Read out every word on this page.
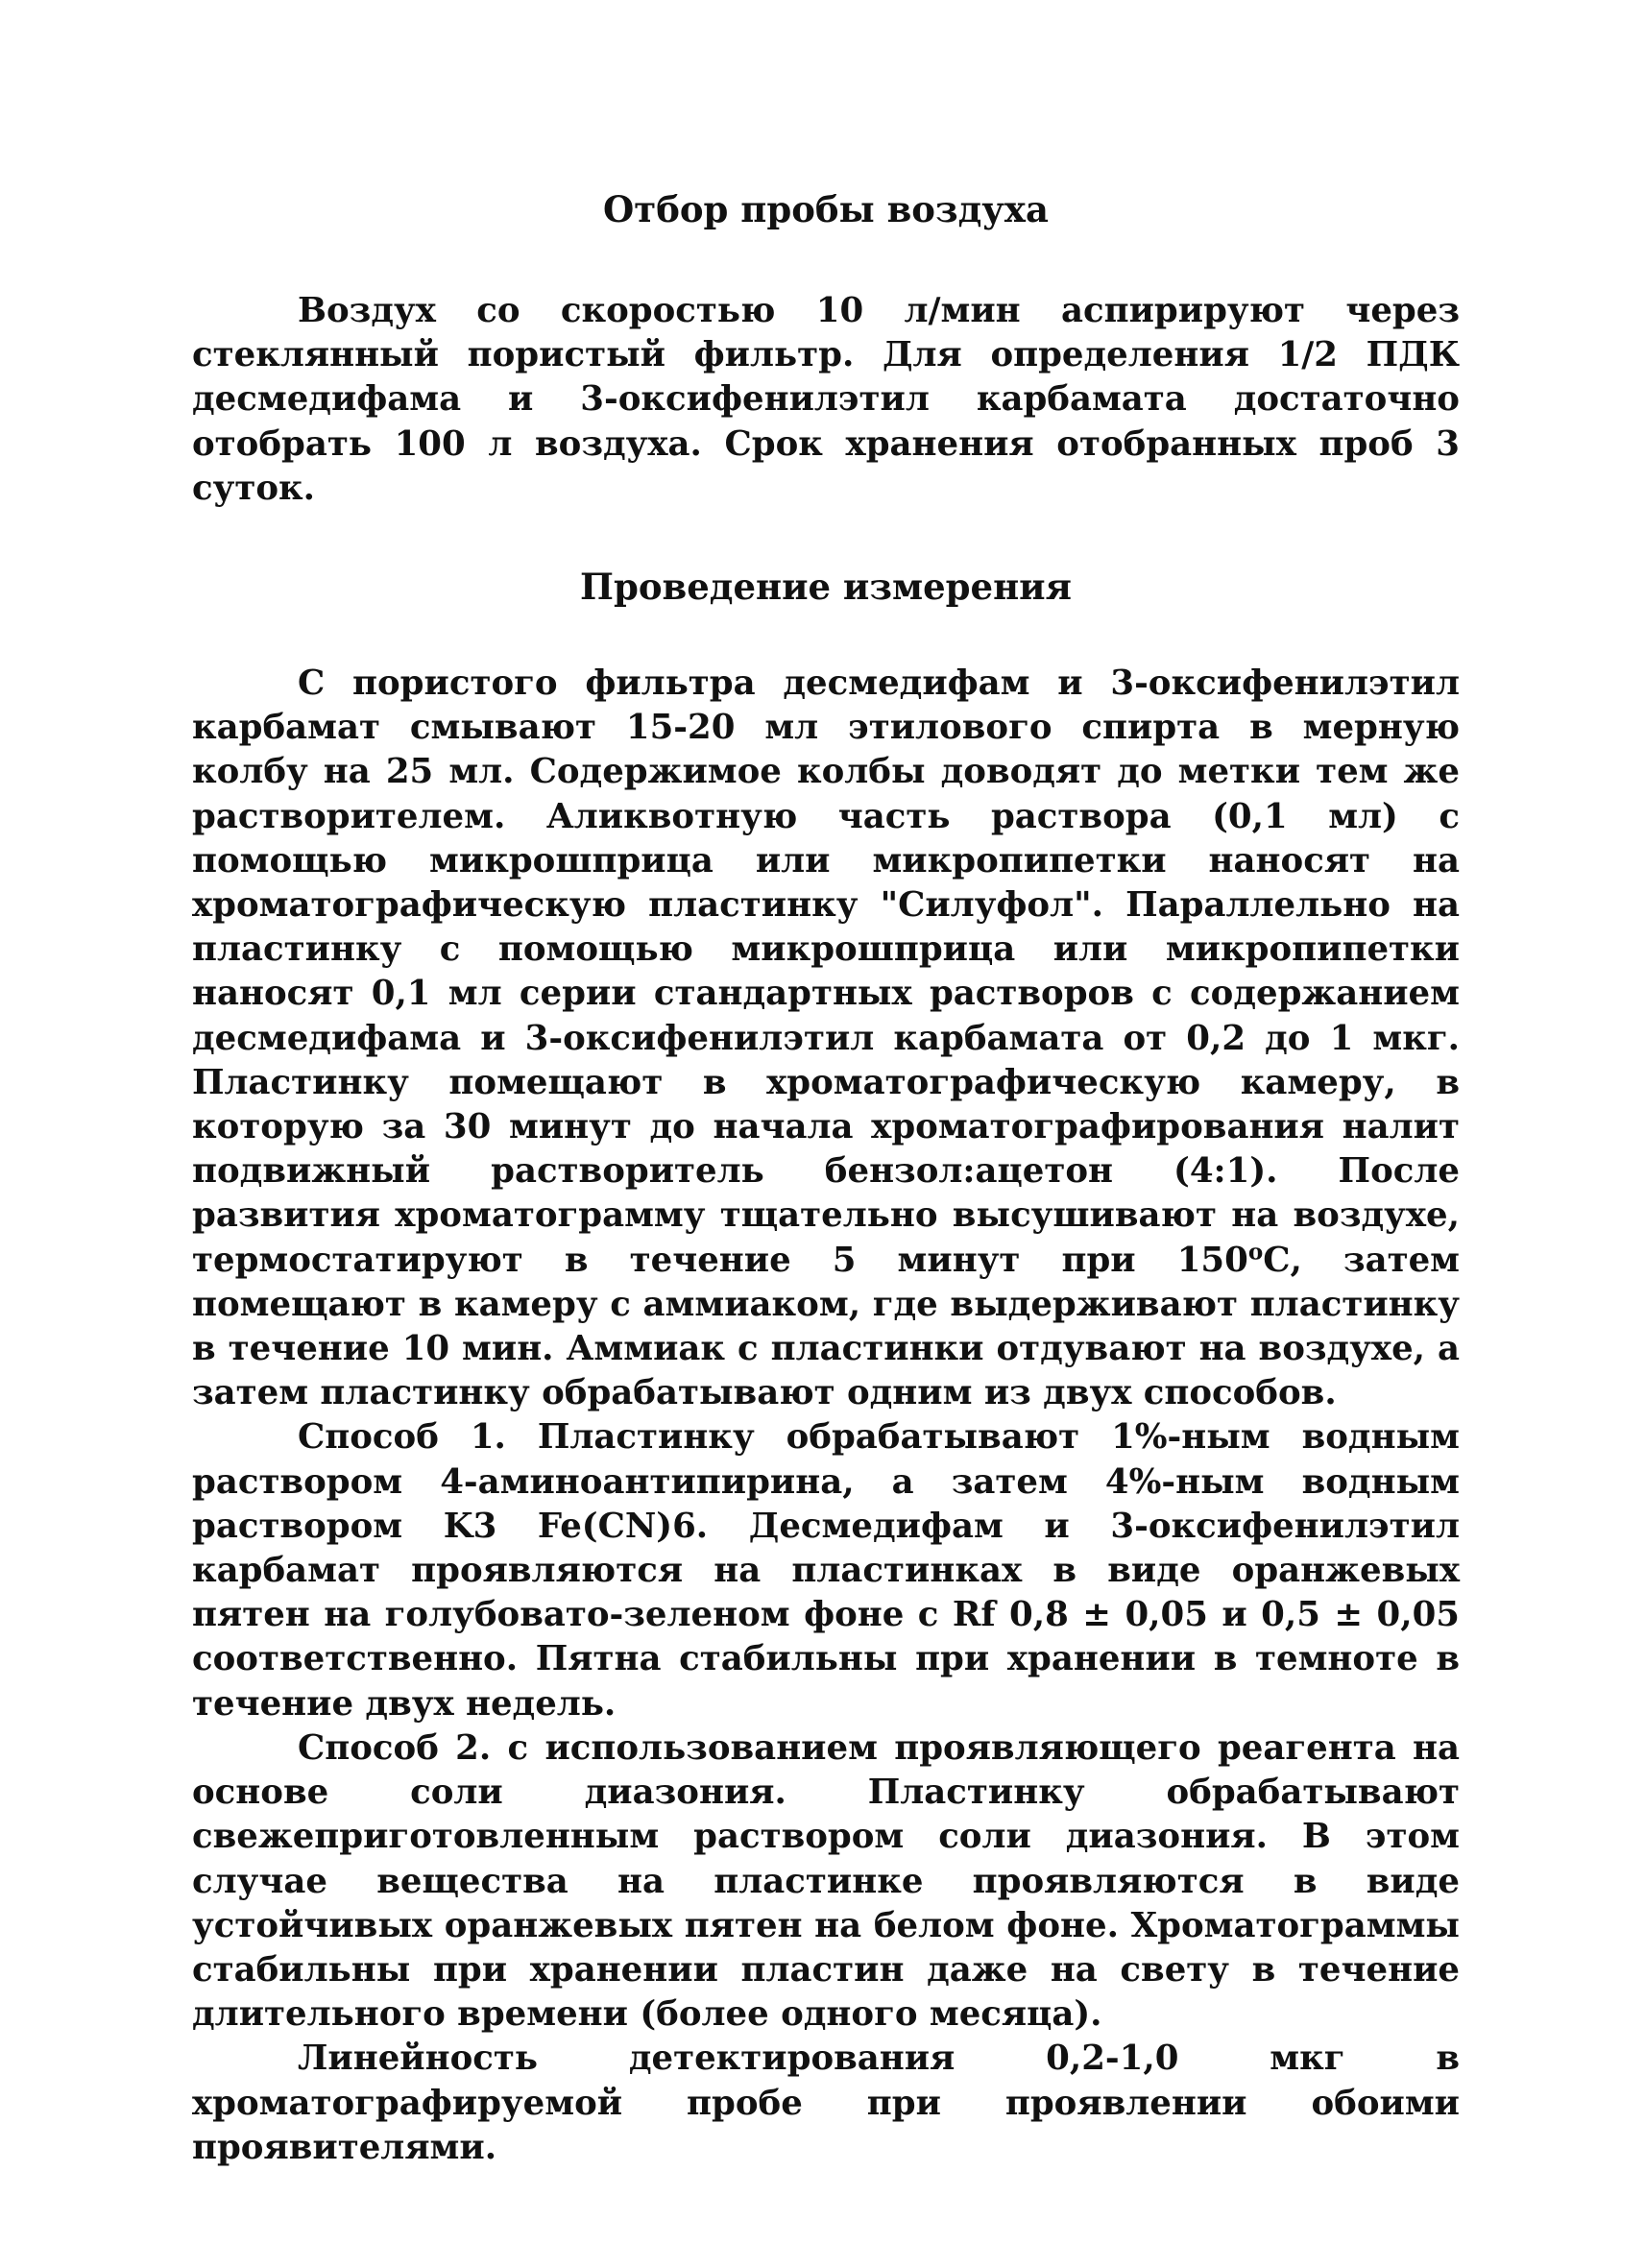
Отбор пробы воздуха

Воздух со скоростью 10 л/мин аспирируют через стеклянный пористый фильтр. Для определения 1/2 ПДК десмедифама и 3-оксифенилэтил карбамата достаточно отобрать 100 л воздуха. Срок хранения отобранных проб 3 суток.

Проведение измерения

С пористого фильтра десмедифам и 3-оксифенилэтил карбамат смывают 15-20 мл этилового спирта в мерную колбу на 25 мл. Содержимое колбы доводят до метки тем же растворителем. Аликвотную часть раствора (0,1 мл) с помощью микрошприца или микропипетки наносят на хроматографическую пластинку "Силуфол". Параллельно на пластинку с помощью микрошприца или микропипетки наносят 0,1 мл серии стандартных растворов с содержанием десмедифама и 3-оксифенилэтил карбамата от 0,2 до 1 мкг. Пластинку помещают в хроматографическую камеру, в которую за 30 минут до начала хроматографирования налит подвижный растворитель бензол:ацетон (4:1). После развития хроматограмму тщательно высушивают на воздухе, термостатируют в течение 5 минут при $150^оС$, затем помещают в камеру с аммиаком, где выдерживают пластинку в течение 10 мин. Аммиак с пластинки отдувают на воздухе, а затем пластинку обрабатывают одним из двух способов.

Способ 1. Пластинку обрабатывают 1%-ным водным раствором 4-аминоантипирина, а затем 4%-ным водным раствором K3 Fe(CN)6. Десмедифам и 3-оксифенилэтил карбамат проявляются на пластинках в виде оранжевых пятен на голубовато-зеленом фоне с Rf 0,8 ± 0,05 и 0,5 ± 0,05 соответственно. Пятна стабильны при хранении в темноте в течение двух недель.

Способ 2. с использованием проявляющего реагента на основе соли диазония. Пластинку обрабатывают свежеприготовленным раствором соли диазония. В этом случае вещества на пластинке проявляются в виде устойчивых оранжевых пятен на белом фоне. Хроматограммы стабильны при хранении пластин даже на свету в течение длительного времени (более одного месяца).

Линейность детектирования 0,2-1,0 мкг в хроматографируемой пробе при проявлении обоими проявителями.
